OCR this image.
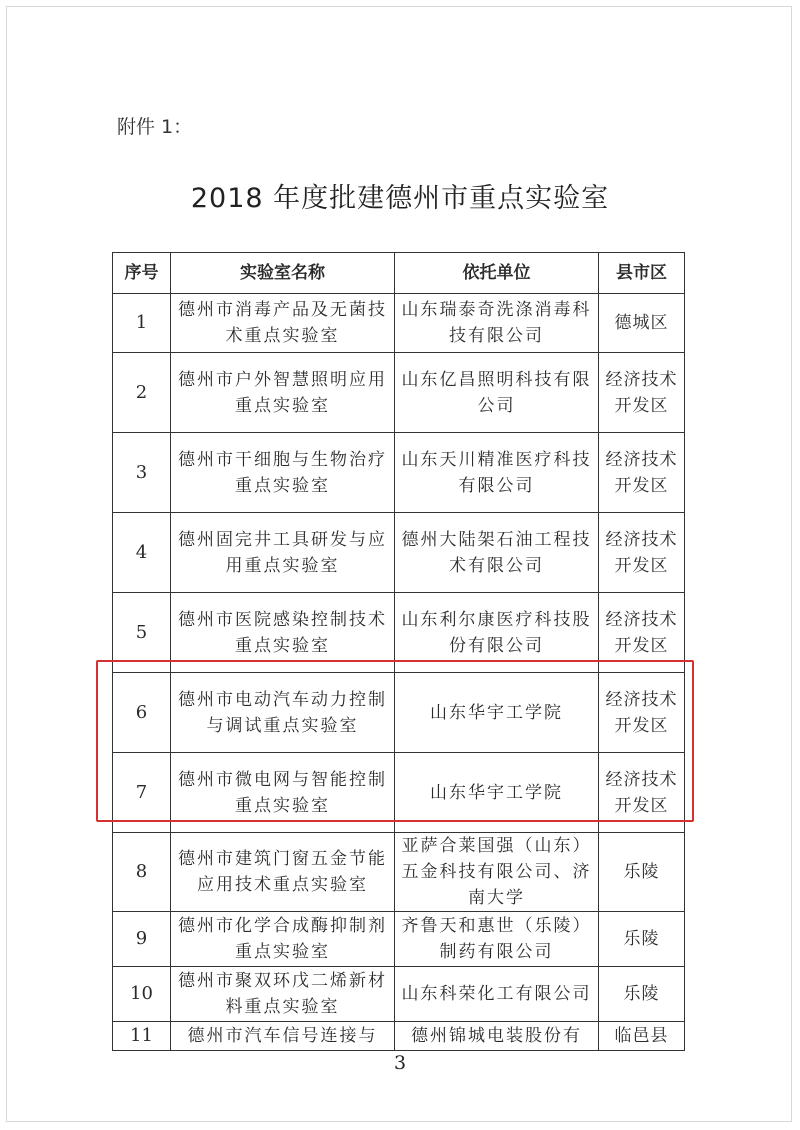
附件 1：
2018 年度批建德州市重点实验室
序号	实验室名称	依托单位	县市区
1	德州市消毒产品及无菌技术重点实验室	山东瑞泰奇洗涤消毒科技有限公司	德城区
2	德州市户外智慧照明应用重点实验室	山东亿昌照明科技有限公司	经济技术开发区
3	德州市干细胞与生物治疗重点实验室	山东天川精准医疗科技有限公司	经济技术开发区
4	德州固完井工具研发与应用重点实验室	德州大陆架石油工程技术有限公司	经济技术开发区
5	德州市医院感染控制技术重点实验室	山东利尔康医疗科技股份有限公司	经济技术开发区
6	德州市电动汽车动力控制与调试重点实验室	山东华宇工学院	经济技术开发区
7	德州市微电网与智能控制重点实验室	山东华宇工学院	经济技术开发区
8	德州市建筑门窗五金节能应用技术重点实验室	亚萨合莱国强（山东）五金科技有限公司、济南大学	乐陵
9	德州市化学合成酶抑制剂重点实验室	齐鲁天和惠世（乐陵）制药有限公司	乐陵
10	德州市聚双环戊二烯新材料重点实验室	山东科荣化工有限公司	乐陵
11	德州市汽车信号连接与	德州锦城电装股份有	临邑县
3
